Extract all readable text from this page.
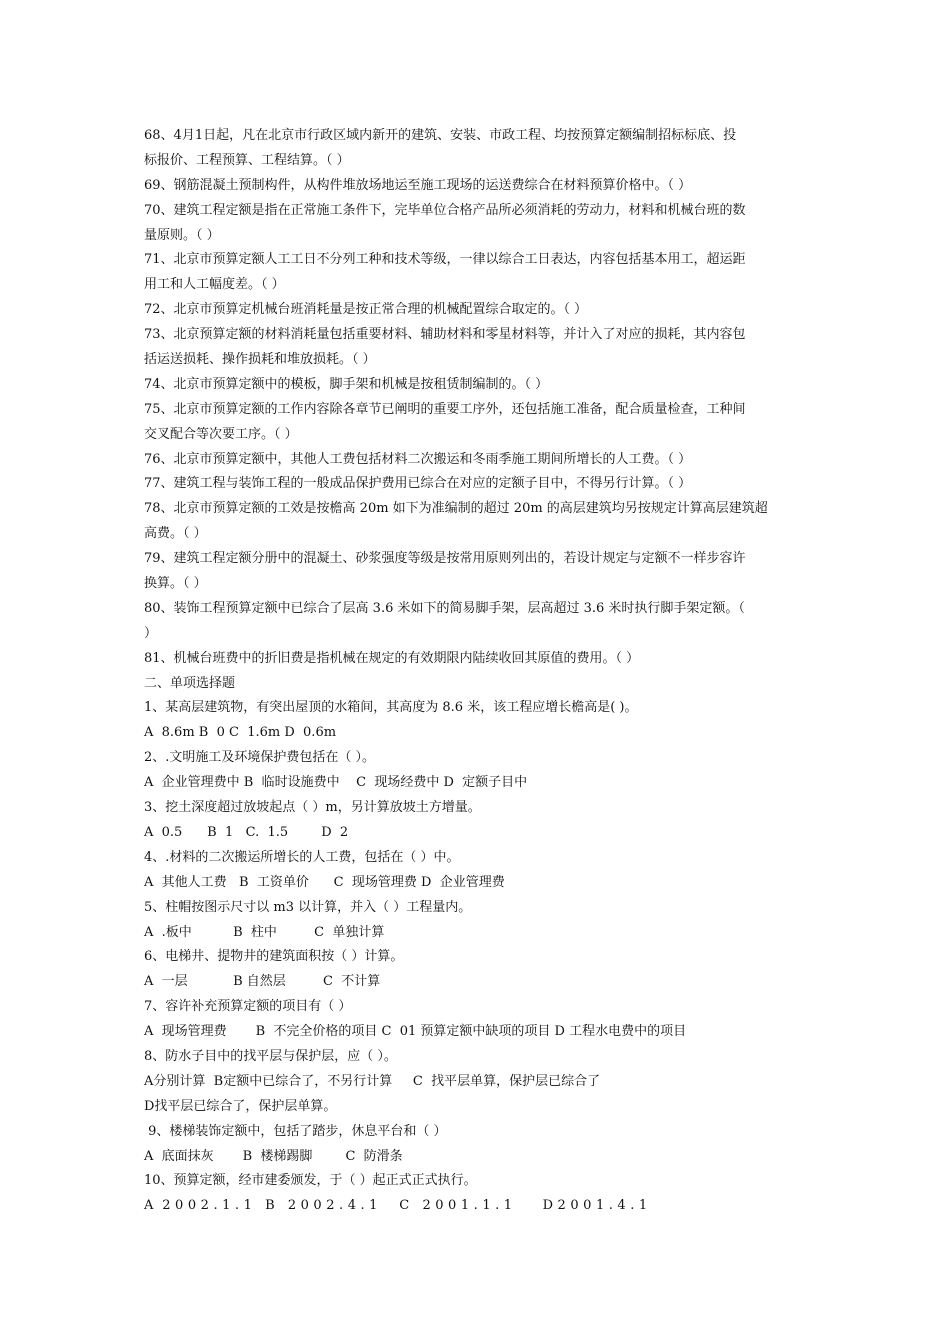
68、4月1日起，凡在北京市行政区域内新开的建筑、安装、市政工程、均按预算定额编制招标标底、投
标报价、工程预算、工程结算。（ ）
69、钢筋混凝土预制构件，从构件堆放场地运至施工现场的运送费综合在材料预算价格中。（ ）
70、建筑工程定额是指在正常施工条件下，完毕单位合格产品所必须消耗的劳动力，材料和机械台班的数
量原则。（ ）
71、北京市预算定额人工工日不分列工种和技术等级，一律以综合工日表达，内容包括基本用工，超运距
用工和人工幅度差。（ ）
72、北京市预算定机械台班消耗量是按正常合理的机械配置综合取定的。（ ）
73、北京预算定额的材料消耗量包括重要材料、辅助材料和零星材料等，并计入了对应的损耗，其内容包
括运送损耗、操作损耗和堆放损耗。（ ）
74、北京市预算定额中的模板，脚手架和机械是按租赁制编制的。（ ）
75、北京市预算定额的工作内容除各章节已阐明的重要工序外，还包括施工准备，配合质量检查，工种间
交叉配合等次要工序。（ ）
76、北京市预算定额中，其他人工费包括材料二次搬运和冬雨季施工期间所增长的人工费。（ ）
77、建筑工程与装饰工程的一般成品保护费用已综合在对应的定额子目中，不得另行计算。（ ）
78、北京市预算定额的工效是按檐高 20m 如下为准编制的超过 20m 的高层建筑均另按规定计算高层建筑超
高费。（ ）
79、建筑工程定额分册中的混凝土、砂浆强度等级是按常用原则列出的，若设计规定与定额不一样步容许
换算。（ ）
80、装饰工程预算定额中已综合了层高 3.6 米如下的简易脚手架，层高超过 3.6 米时执行脚手架定额。（
）
81、机械台班费中的折旧费是指机械在规定的有效期限内陆续收回其原值的费用。（ ）
二、单项选择题
1、某高层建筑物，有突出屋顶的水箱间，其高度为 8.6 米，该工程应增长檐高是( )。
A  8.6m B  0 C  1.6m D  0.6m
2、.文明施工及环境保护费包括在（ ）。
A  企业管理费中 B  临时设施费中    C  现场经费中 D  定额子目中
3、挖土深度超过放坡起点（ ）m，另计算放坡土方增量。
A  0.5      B  1   C.  1.5        D  2
4、.材料的二次搬运所增长的人工费，包括在（ ）中。
A  其他人工费   B  工资单价      C  现场管理费 D  企业管理费
5、柱帽按图示尺寸以 m3 以计算，并入（ ）工程量内。
A  .板中          B  柱中         C  单独计算
6、电梯井、提物井的建筑面积按（ ）计算。
A  一层           B 自然层         C  不计算
7、容许补充预算定额的项目有（ ）
A  现场管理费       B  不完全价格的项目 C  01 预算定额中缺项的项目 D 工程水电费中的项目
8、防水子目中的找平层与保护层，应（ ）。
A分别计算  B定额中已综合了，不另行计算     C  找平层单算，保护层已综合了
D找平层已综合了，保护层单算。
9、楼梯装饰定额中，包括了踏步，休息平台和（ ）
A  底面抹灰       B  楼梯踢脚        C  防滑条
10、预算定额，经市建委颁发，于（ ）起正式正式执行。
A  2 0 0 2 . 1 . 1   B   2 0 0 2 . 4 . 1     C   2 0 0 1 . 1 . 1       D 2 0 0 1 . 4 . 1
